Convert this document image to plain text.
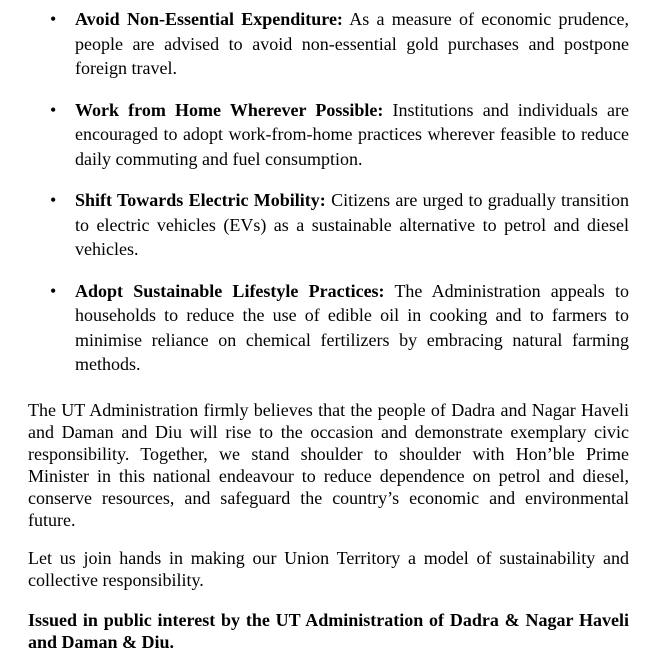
• Avoid Non-Essential Expenditure: As a measure of economic prudence, people are advised to avoid non-essential gold purchases and postpone foreign travel.
• Work from Home Wherever Possible: Institutions and individuals are encouraged to adopt work-from-home practices wherever feasible to reduce daily commuting and fuel consumption.
• Shift Towards Electric Mobility: Citizens are urged to gradually transition to electric vehicles (EVs) as a sustainable alternative to petrol and diesel vehicles.
• Adopt Sustainable Lifestyle Practices: The Administration appeals to households to reduce the use of edible oil in cooking and to farmers to minimise reliance on chemical fertilizers by embracing natural farming methods.

The UT Administration firmly believes that the people of Dadra and Nagar Haveli and Daman and Diu will rise to the occasion and demonstrate exemplary civic responsibility. Together, we stand shoulder to shoulder with Hon’ble Prime Minister in this national endeavour to reduce dependence on petrol and diesel, conserve resources, and safeguard the country’s economic and environmental future.

Let us join hands in making our Union Territory a model of sustainability and collective responsibility.

Issued in public interest by the UT Administration of Dadra & Nagar Haveli and Daman & Diu.
